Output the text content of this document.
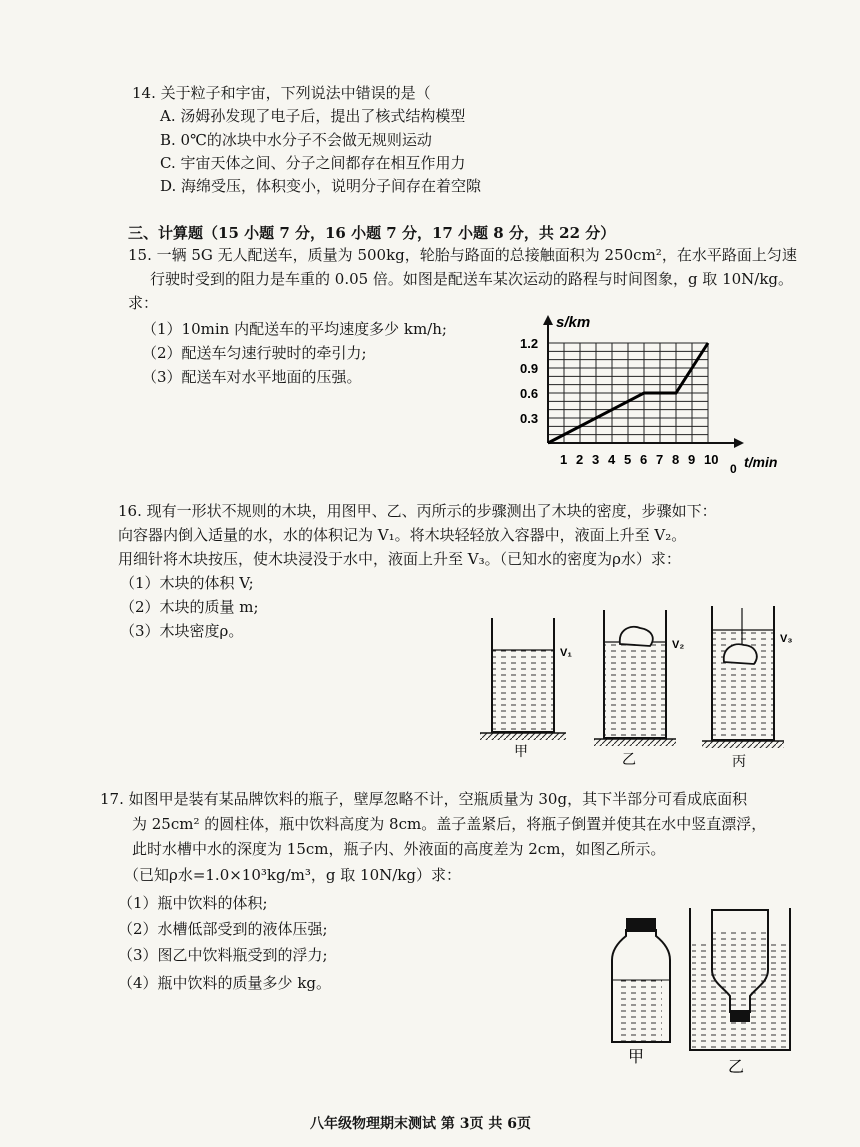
14. 关于粒子和宇宙，下列说法中错误的是（
A. 汤姆孙发现了电子后，提出了核式结构模型
B. 0℃的冰块中水分子不会做无规则运动
C. 宇宙天体之间、分子之间都存在相互作用力
D. 海绵受压，体积变小，说明分子间存在着空隙
三、计算题（15 小题 7 分，16 小题 7 分，17 小题 8 分，共 22 分）
15. 一辆 5G 无人配送车，质量为 500kg，轮胎与路面的总接触面积为 250cm²，在水平路面上匀速
行驶时受到的阻力是车重的 0.05 倍。如图是配送车某次运动的路程与时间图象，g 取 10N/kg。
求：
（1）10min 内配送车的平均速度多少 km/h;
（2）配送车匀速行驶时的牵引力;
（3）配送车对水平地面的压强。
s/km
t/min
0
1 2 3 4 5 6 7 8 9 10
0.3
0.6
0.9
1.2
16. 现有一形状不规则的木块，用图甲、乙、丙所示的步骤测出了木块的密度，步骤如下：
向容器内倒入适量的水，水的体积记为 V₁。将木块轻轻放入容器中，液面上升至 V₂。
用细针将木块按压，使木块浸没于水中，液面上升至 V₃。（已知水的密度为ρ水）求：
（1）木块的体积 V;
（2）木块的质量 m;
（3）木块密度ρ。
V₁
V₂	V₃
甲	乙	丙
17. 如图甲是装有某品牌饮料的瓶子，壁厚忽略不计，空瓶质量为 30g，其下半部分可看成底面积
为 25cm² 的圆柱体，瓶中饮料高度为 8cm。盖子盖紧后，将瓶子倒置并使其在水中竖直漂浮，
此时水槽中水的深度为 15cm，瓶子内、外液面的高度差为 2cm，如图乙所示。
（已知ρ水=1.0×10³kg/m³，g 取 10N/kg）求：
（1）瓶中饮料的体积;
（2）水槽低部受到的液体压强;
（3）图乙中饮料瓶受到的浮力;
（4）瓶中饮料的质量多少 kg。
甲
乙
八年级物理期末测试 第 3页 共 6页
